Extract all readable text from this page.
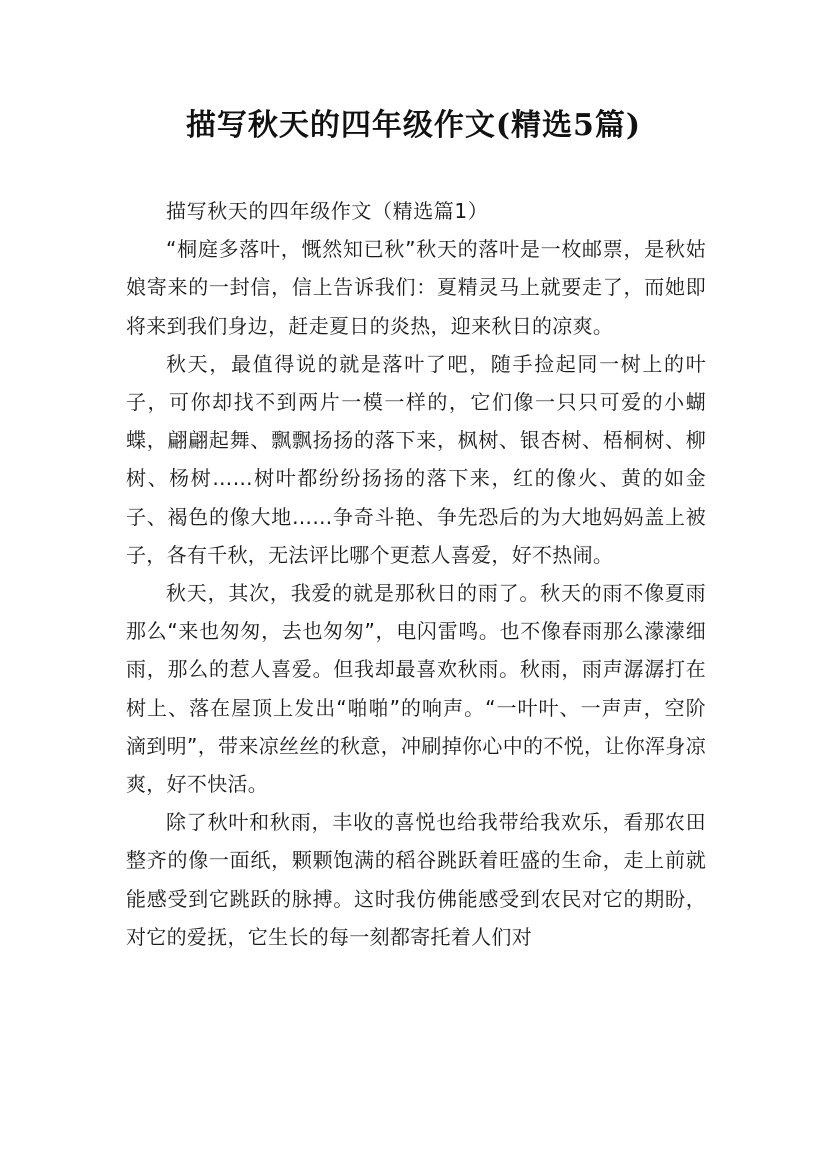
描写秋天的四年级作文(精选5篇)

描写秋天的四年级作文（精选篇1）

“桐庭多落叶，慨然知已秋”秋天的落叶是一枚邮票，是秋姑娘寄来的一封信，信上告诉我们：夏精灵马上就要走了，而她即将来到我们身边，赶走夏日的炎热，迎来秋日的凉爽。

秋天，最值得说的就是落叶了吧，随手捡起同一树上的叶子，可你却找不到两片一模一样的，它们像一只只可爱的小蝴蝶，翩翩起舞、飘飘扬扬的落下来，枫树、银杏树、梧桐树、柳树、杨树……树叶都纷纷扬扬的落下来，红的像火、黄的如金子、褐色的像大地……争奇斗艳、争先恐后的为大地妈妈盖上被子，各有千秋，无法评比哪个更惹人喜爱，好不热闹。

秋天，其次，我爱的就是那秋日的雨了。秋天的雨不像夏雨那么“来也匆匆，去也匆匆”，电闪雷鸣。也不像春雨那么濛濛细雨，那么的惹人喜爱。但我却最喜欢秋雨。秋雨，雨声潺潺打在树上、落在屋顶上发出“啪啪”的响声。“一叶叶、一声声，空阶滴到明”，带来凉丝丝的秋意，冲刷掉你心中的不悦，让你浑身凉爽，好不快活。

除了秋叶和秋雨，丰收的喜悦也给我带给我欢乐，看那农田整齐的像一面纸，颗颗饱满的稻谷跳跃着旺盛的生命，走上前就能感受到它跳跃的脉搏。这时我仿佛能感受到农民对它的期盼，对它的爱抚，它生长的每一刻都寄托着人们对
